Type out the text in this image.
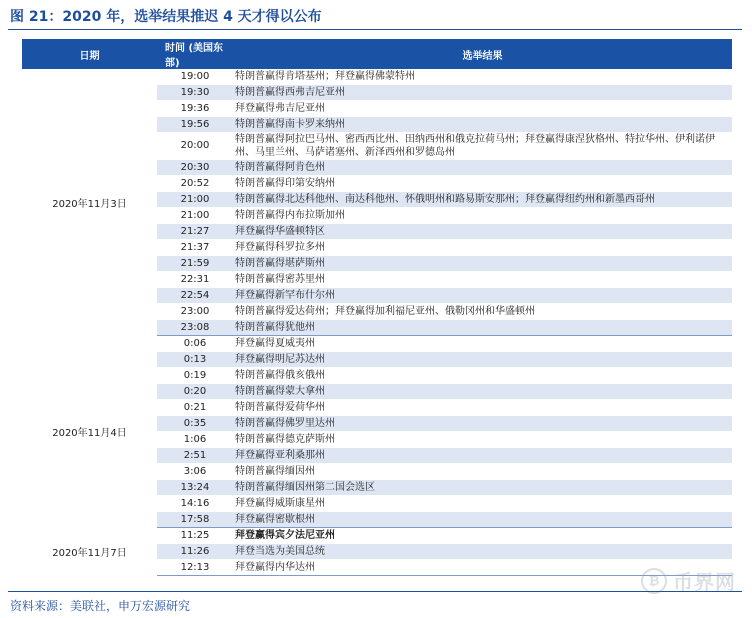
图 21：2020 年，选举结果推迟 4 天才得以公布
日期	时间 (美国东部)	选举结果
2020年11月3日	19:00	特朗普赢得肯塔基州；拜登赢得佛蒙特州
	19:30	特朗普赢得西弗吉尼亚州
	19:36	拜登赢得弗吉尼亚州
	19:56	特朗普赢得南卡罗来纳州
	20:00	特朗普赢得阿拉巴马州、密西西比州、田纳西州和俄克拉荷马州；拜登赢得康涅狄格州、特拉华州、伊利诺伊州、马里兰州、马萨诸塞州、新泽西州和罗德岛州
	20:30	特朗普赢得阿肯色州
	20:52	特朗普赢得印第安纳州
	21:00	特朗普赢得北达科他州、南达科他州、怀俄明州和路易斯安那州；拜登赢得纽约州和新墨西哥州
	21:00	特朗普赢得内布拉斯加州
	21:27	拜登赢得华盛顿特区
	21:37	拜登赢得科罗拉多州
	21:59	特朗普赢得堪萨斯州
	22:31	特朗普赢得密苏里州
	22:54	拜登赢得新罕布什尔州
	23:00	特朗普赢得爱达荷州；拜登赢得加利福尼亚州、俄勒冈州和华盛顿州
	23:08	特朗普赢得犹他州
2020年11月4日	0:06	拜登赢得夏威夷州
	0:13	拜登赢得明尼苏达州
	0:19	特朗普赢得俄亥俄州
	0:20	特朗普赢得蒙大拿州
	0:21	特朗普赢得爱荷华州
	0:35	特朗普赢得佛罗里达州
	1:06	特朗普赢得德克萨斯州
	2:51	拜登赢得亚利桑那州
	3:06	特朗普赢得缅因州
	13:24	特朗普赢得缅因州第二国会选区
	14:16	拜登赢得威斯康星州
	17:58	拜登赢得密歇根州
2020年11月7日	11:25	拜登赢得宾夕法尼亚州
	11:26	拜登当选为美国总统
	12:13	拜登赢得内华达州
₿ 币界网
资料来源：美联社，申万宏源研究
